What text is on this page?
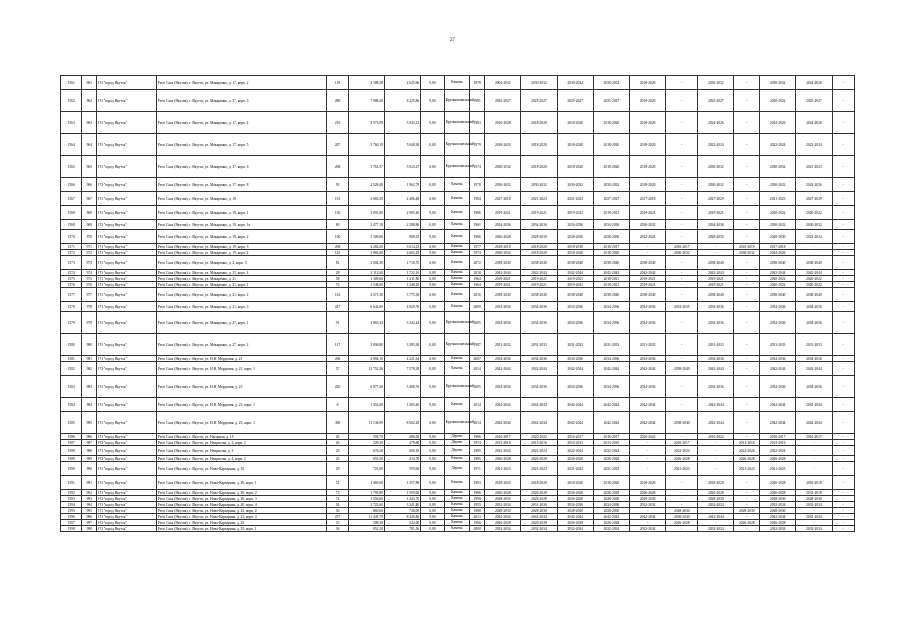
27
1561	961	ГО "город Якутск"	Респ Саха (Якутия), г. Якутск, ул. Макаренко, д. 17, корп. 2	118	2 188,38	2 625,66	0,00	Камень	1978	2004-2032	2030-2032	2030-2032	2030-2032	2018-2020	-	2030-2032	-	2030-2032	2024-2026	-
1562	962	ГО "город Якутск"	Респ Саха (Якутия), г. Якутск, ул. Макаренко, д. 17, корп. 3	280	7 088,20	6 225,86	0,00	Крупнопанельный	1981	2025-2027	2025-2027	2025-2027	2025-2027	2018-2020	-	2025-2027	-	2020-2022	2025-2027	-
1563	963	ГО "город Якутск"	Респ Саха (Якутия), г. Якутск, ул. Макаренко, д. 17, корп. 4	216	5 573,09	5 043,21	0,00	Крупнопанельный	1983	2016-2028	2018-2020	2018-2020	2018-2020	2018-2020	-	2024-2026	-	2024-2026	2024-2026	-
1564	964	ГО "город Якутск"	Респ Саха (Якутия), г. Якутск, ул. Макаренко, д. 17, корп. 5	207	5 760,19	5 040,38	0,00	Крупнопанельный	1979	2018-2020	2018-2020	2018-2020	2018-2020	2018-2020	-	2022-2024	-	2022-2024	2022-2024	-
1565	965	ГО "город Якутск"	Респ Саха (Якутия), г. Якутск, ул. Макаренко, д. 17, корп. 6	208	5 761,57	5 023,27	0,00	Крупнопанельный	1974	2030-2032	2018-2020	2018-2020	2018-2020	2018-2020	-	2030-2032	-	2030-2032	2021-2023	-
1566	966	ГО "город Якутск"	Респ Саха (Якутия), г. Якутск, ул. Макаренко, д. 17, корп. 8	93	2 528,48	1 962,79	0,00	Камень	1978	2030-2032	2030-2032	2030-2032	2030-2032	2018-2020	-	2030-2032	-	2030-2032	2024-2026	-
1567	967	ГО "город Якутск"	Респ Саха (Якутия), г. Якутск, ул. Макаренко, д. 18	101	2 663,30	2 486,48	0,00	Камень	1984	2027-2018	2021-2023	2021-2023	2027-2027	2017-2018	-	2027-2029	-	2021-2023	2027-2029	-
1568	968	ГО "город Якутск"	Респ Саха (Якутия), г. Якутск, ул. Макаренко, д. 19, корп. 1	136	3 091,86	2 985,46	0,00	Камень	1986	2019-2021	2019-2021	2019-2021	2019-2021	2019-2021	-	2019-2021	-	2020-2022	2020-2022	-
1569	969	ГО "город Якутск"	Респ Саха (Якутия), г. Якутск, ул. Макаренко, д. 19, корп. 1а	80	2 477,10	2 298,86	0,00	Камень	1961	2034-2036	2034-2036	2034-2036	2034-2036	2030-2032	-	2034-2036	-	2030-2032	2030-2032	-
1570	970	ГО "город Якутск"	Респ Саха (Якутия), г. Якутск, ул. Макаренко, д. 19, корп. 2	100	1 309,60	888,25	0,00	Камень	1966	2026-2028	2028-2030	2028-2030	2028-2030	2022-2024	-	2028-2030	-	2028-2030	2022-2024	-
1571	971	ГО "город Якутск"	Респ Саха (Якутия), г. Якутск, ул. Макаренко, д. 19, корп. 3	208	4 282,00	3 614,23	0,00	Камень	1977	2018-2018	2018-2020	2018-2018	2016-2017	-	2016-2017	-	2016-2019	2017-2018	-	-
1572	972	ГО "город Якутск"	Респ Саха (Якутия), г. Якутск, ул. Макаренко, д. 19, корп. 4	145	2 882,60	2 602,29	0,00	Камень	1974	2030-2032	2018-2020	2018-2020	2018-2020	-	2030-2032	-	2030-2032	2024-2026	-	-
1573	973	ГО "город Якутск"	Респ Саха (Якутия), г. Якутск, ул. Макаренко, д. 2, корп. 3	82	2 004,30	1 716,70	0,00	Камень	2072	2038-2040	2038-2040	2038-2040	2038-2040	2038-2040	-	2038-2040	-	2038-2040	2038-2040	-
1574	974	ГО "город Якутск"	Респ Саха (Якутия), г. Якутск, ул. Макаренко, д. 21, корп. 4	28	2 112,60	1 722,16	0,00	Камень	2018	2042-2044	2042-2044	2042-2044	2042-2044	2042-2044	-	2042-2044	-	2042-2044	2042-2044	-
1575	975	ГО "город Якутск"	Респ Саха (Якутия), г. Якутск, ул. Макаренко, д. 21	58	1 309,60	1 211,86	0,00	Камень	1964	2019-2021	2019-2021	2019-2021	2018-2021	2019-2021	-	2019-2021	-	2020-2022	2020-2022	-
1576	976	ГО "город Якутск"	Респ Саха (Якутия), г. Якутск, ул. Макаренко, д. 21, корп. 1	76	1 548,00	1 248,20	0,00	Камень	1964	2019-2021	2019-2021	2019-2021	2019-2021	2019-2021	-	2019-2021	-	2020-2022	2020-2022	-
1577	977	ГО "город Якутск"	Респ Саха (Якутия), г. Якутск, ул. Макаренко, д. 21, корп. 2	163	4 671,30	3 775,38	0,00	Камень	2016	2038-2040	2038-2040	2038-2040	2038-2040	2038-2040	-	2038-2040	-	2038-2040	2038-2040	-
1578	978	ГО "город Якутск"	Респ Саха (Якутия), г. Якутск, ул. Макаренко, д. 21, корп. 3	247	6 642,60	4 829,76	0,00	Камень	2009	2034-2036	2034-2036	2034-2036	2034-2036	2034-2036	2033-2035	2034-2036	-	2034-2036	2034-2036	-
1579	979	ГО "город Якутск"	Респ Саха (Якутия), г. Якутск, ул. Макаренко, д. 27, корп. 1	91	3 863,34	3 342,44	0,00	Крупнопанельный	2005	2034-2036	2034-2036	2034-2036	2034-2036	2034-2036	-	2034-2036	-	2034-2036	2034-2036	-
1580	980	ГО "город Якутск"	Респ Саха (Якутия), г. Якутск, ул. Макаренко, д. 27, корп. 2	117	3 836,80	3 385,38	0,00	Крупнопанельный	1987	2031-2032	2031-2033	2031-2033	2031-2033	2031-2033	-	2031-2033	-	2031-2033	2031-2033	-
1581	981	ГО "город Якутск"	Респ Саха (Якутия), г. Якутск, ул. Н.В. Мордовия, д. 21	206	4 894,10	4 221,64	0,00	Камень	2007	2034-2036	2034-2036	2034-2036	2034-2036	2034-2036	-	2034-2036	-	2034-2036	2034-2036	-
1582	982	ГО "город Якутск"	Респ Саха (Якутия), г. Якутск, ул. Н.В. Мордовия, д. 21, корп. 1	57	12 752,46	7 578,38	0,00	Камень	2014	2042-2044	2042-2044	2042-2044	2042-2044	2042-2044	2038-2040	2042-2044	-	2042-2044	2042-2044	-
1583	983	ГО "город Якутск"	Респ Саха (Якутия), г. Якутск, ул. Н.В. Мордовия, д. 23	220	6 077,20	5 488,76	0,00	Крупнопанельный	2005	2034-2036	2034-2036	2034-2036	2034-2036	2034-2036	-	2034-2036	-	2034-2036	2034-2036	-
1584	984	ГО "город Якутск"	Респ Саха (Якутия), г. Якутск, ул. Н.В. Мордовия, д. 23, корп. 1	6	1 452,00	1 265,46	0,00	Камень	2014	2042-2044	2042-2044	2042-2044	2042-2044	2042-2044	-	2042-2044	-	2042-2044	2042-2044	-
1585	985	ГО "город Якутск"	Респ Саха (Якутия), г. Якутск, ул. Н.В. Мордовия, д. 23, корп. 1	300	11 136,90	8 602,28	0,00	Крупнопанельный	2014	2042-2044	2042-2044	2042-2044	2042-2044	2042-2044	2038-2040	2042-2044	-	2042-2044	2042-2044	-
1586	986	ГО "город Якутск"	Респ Саха (Якутия), г. Якутск, ул. Нагорная, д. 15	26	558,70	488,50	0,00	Дерево	1986	2016-2017	2020-2022	2016-2017	2016-2017	2020-2022	-	2016-2022	-	2016-2017	2016-2017	-
1587	987	ГО "город Якутск"	Респ Саха (Якутия), г. Якутск, ул. Некрасова, д. 2, корп. 2	40	529,20	479,80	0,00	Дерево	1974	2013-2016	2013-2016	2014-2013	2013-2016	-	2016-2017	-	2013-2016	2013-2016	-	-
1588	988	ГО "город Якутск"	Респ Саха (Якутия), г. Якутск, ул. Некрасова, д. 3	29	676,20	600,10	0,00	Дерево	1985	2022-2024	2022-2024	2022-2024	2022-2024	-	2022-2024	-	2022-2024	2022-2024	-	-
1589	989	ГО "город Якутск"	Респ Саха (Якутия), г. Якутск, ул. Некрасова, д. 4, корп. 2	43	653,50	414,70	0,00	Камень	1985	2026-2028	2026-2028	2026-2028	2026-2028	-	2026-2028	-	2026-2028	2026-2028	-	-
1590	990	ГО "город Якутск"	Респ Саха (Якутия), г. Якутск, ул. Ново-Карьерная, д. 10	29	721,00	595,60	0,00	Дерево	1971	2021-2023	2021-2023	2021-2023	2021-2023	-	2021-2023	-	2021-2023	2021-2023	-	-
1591	991	ГО "город Якутск"	Респ Саха (Якутия), г. Якутск, ул. Ново-Карьерная, д. 20, корп. 1	51	1 469,00	1 357,88	0,00	Камень	1983	2018-2020	2018-2020	2018-2020	2018-2020	2018-2020	-	2018-2020	-	2026-2028	2016-2018	-
1592	992	ГО "город Якутск"	Респ Саха (Якутия), г. Якутск, ул. Ново-Карьерная, д. 20, корп. 2	73	1 795,80	1 595,60	0,00	Камень	1986	2026-2028	2026-2028	2026-2028	2026-2028	2026-2028	-	2026-2028	-	2026-2028	2032-2018	-
1593	993	ГО "город Якутск"	Респ Саха (Якутия), г. Якутск, ул. Ново-Карьерная, д. 20, корп. 3	74	1 556,00	1 443,70	0,00	Камень	1990	2028-2030	2026-2028	2026-2028	2028-2030	2028-2030	-	2028-2030	-	2028-2030	2028-2030	-
1594	994	ГО "город Якутск"	Респ Саха (Якутия), г. Якутск, ул. Ново-Карьерная, д. 20, корп. 4	34	3 722,60	3 341,80	0,00	Камень	1955	2032-2034	2031-2036	2034-2036	2034-2036	2032-2034	-	2032-2034	-	2032-2034	2032-2034	-
1595	995	ГО "город Якутск"	Респ Саха (Якутия), г. Якутск, ул. Ново-Карьерная, д. 22, корп. 2	30	860,00	726,00	0,00	Камень	1986	2028-2030	2028-2030	2028-2030	2028-2030	-	2028-2030	-	2028-2030	2028-2030	-	-
1596	996	ГО "город Якутск"	Респ Саха (Якутия), г. Якутск, ул. Ново-Карьерная, д. 22, корп. 3	237	11 445,79	8 426,86	0,00	Камень	2013	2042-2044	2042-2044	2042-2044	2042-2044	2042-2044	2038-2040	2042-2044	-	2042-2044	2042-2044	-
1597	997	ГО "город Якутск"	Респ Саха (Якутия), г. Якутск, ул. Ново-Карьерная, д. 23	33	588,30	542,60	0,00	Камень	1966	2026-2028	2026-2028	2026-2028	2026-2028	-	2026-2028	-	2026-2028	2026-2028	-	-
1598	998	ГО "город Якутск"	Респ Саха (Якутия), г. Якутск, ул. Ново-Карьерная, д. 25, корп. 1	36	852,20	781,50	0,00	Камень	2000	2032-2034	2032-2034	2032-2034	2032-2034	2032-2034	-	2032-2034	-	2032-2034	2032-2034	-
